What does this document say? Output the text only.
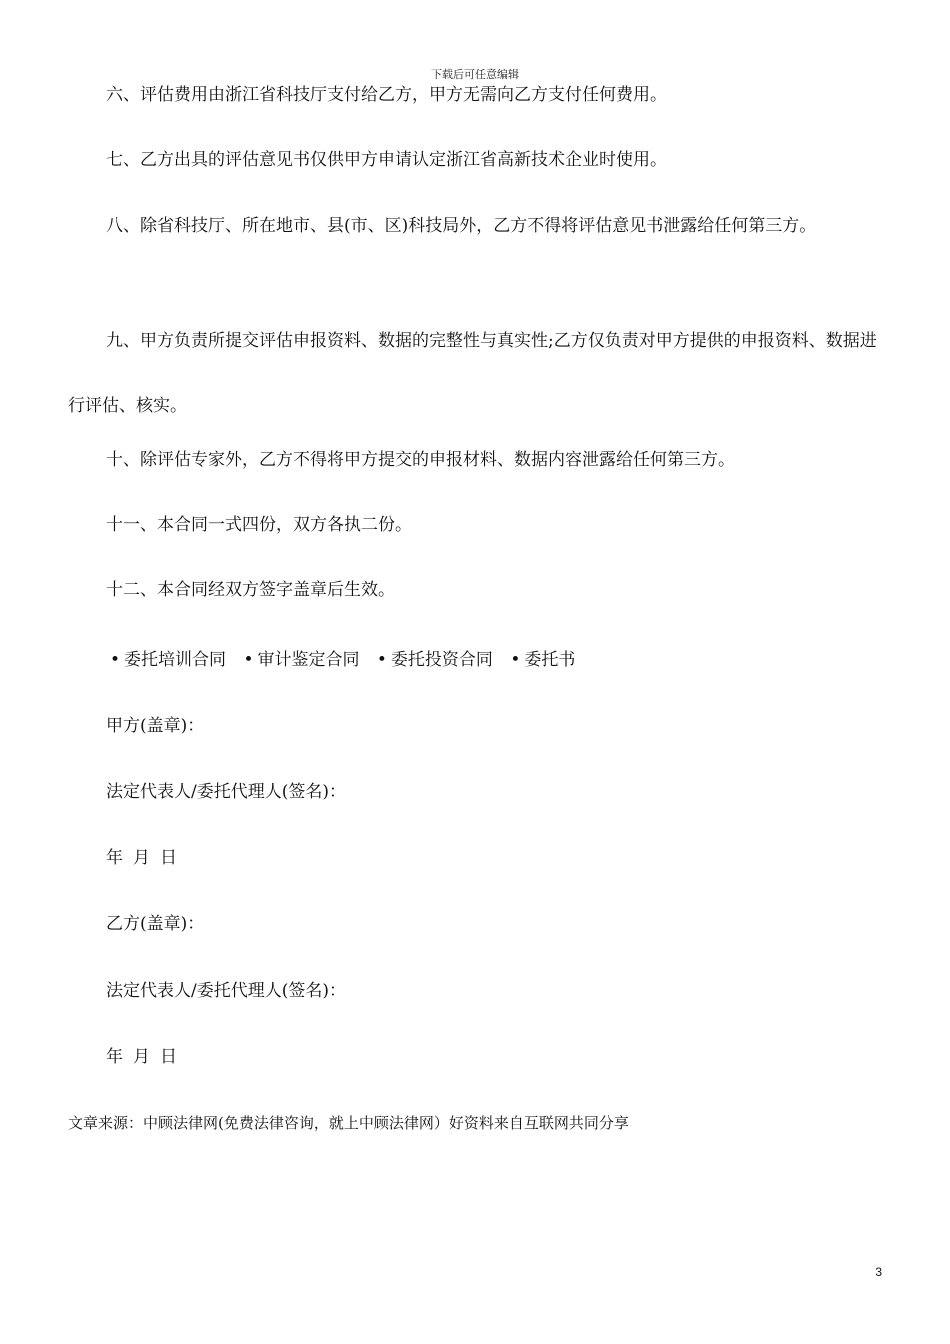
下载后可任意编辑

六、评估费用由浙江省科技厅支付给乙方，甲方无需向乙方支付任何费用。

七、乙方出具的评估意见书仅供甲方申请认定浙江省高新技术企业时使用。

八、除省科技厅、所在地市、县(市、区)科技局外，乙方不得将评估意见书泄露给任何第三方。

九、甲方负责所提交评估申报资料、数据的完整性与真实性;乙方仅负责对甲方提供的申报资料、数据进行评估、核实。

十、除评估专家外，乙方不得将甲方提交的申报材料、数据内容泄露给任何第三方。

十一、本合同一式四份，双方各执二份。

十二、本合同经双方签字盖章后生效。

• 委托培训合同 • 审计鉴定合同 • 委托投资合同 • 委托书

甲方(盖章)：

法定代表人/委托代理人(签名)：

年 月 日

乙方(盖章)：

法定代表人/委托代理人(签名)：

年 月 日

文章来源：中顾法律网(免费法律咨询，就上中顾法律网）好资料来自互联网共同分享
3
